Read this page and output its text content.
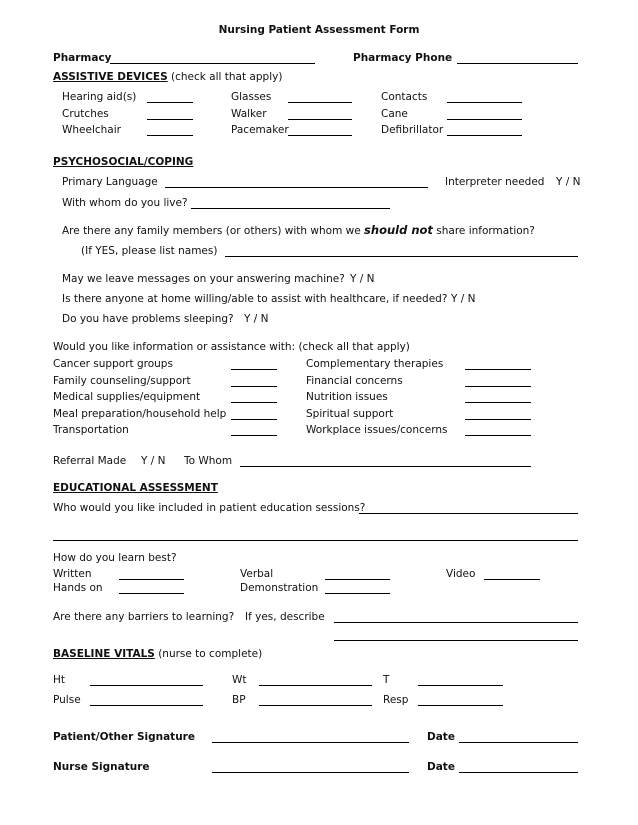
Nursing Patient Assessment Form
Pharmacy	Pharmacy Phone
ASSISTIVE DEVICES (check all that apply)
Hearing aid(s)	Glasses	Contacts
Crutches	Walker	Cane
Wheelchair	Pacemaker	Defibrillator
PSYCHOSOCIAL/COPING
Primary Language	Interpreter needed Y / N
With whom do you live?
Are there any family members (or others) with whom we should not share information?
(If YES, please list names)
May we leave messages on your answering machine? Y / N
Is there anyone at home willing/able to assist with healthcare, if needed? Y / N
Do you have problems sleeping? Y / N
Would you like information or assistance with: (check all that apply)
Cancer support groups	Complementary therapies
Family counseling/support	Financial concerns
Medical supplies/equipment	Nutrition issues
Meal preparation/household help	Spiritual support
Transportation	Workplace issues/concerns
Referral Made Y / N To Whom
EDUCATIONAL ASSESSMENT
Who would you like included in patient education sessions?
How do you learn best?
Written	Verbal	Video
Hands on	Demonstration
Are there any barriers to learning? If yes, describe
BASELINE VITALS (nurse to complete)
Ht	Wt	T
Pulse	BP	Resp
Patient/Other Signature	Date
Nurse Signature	Date
